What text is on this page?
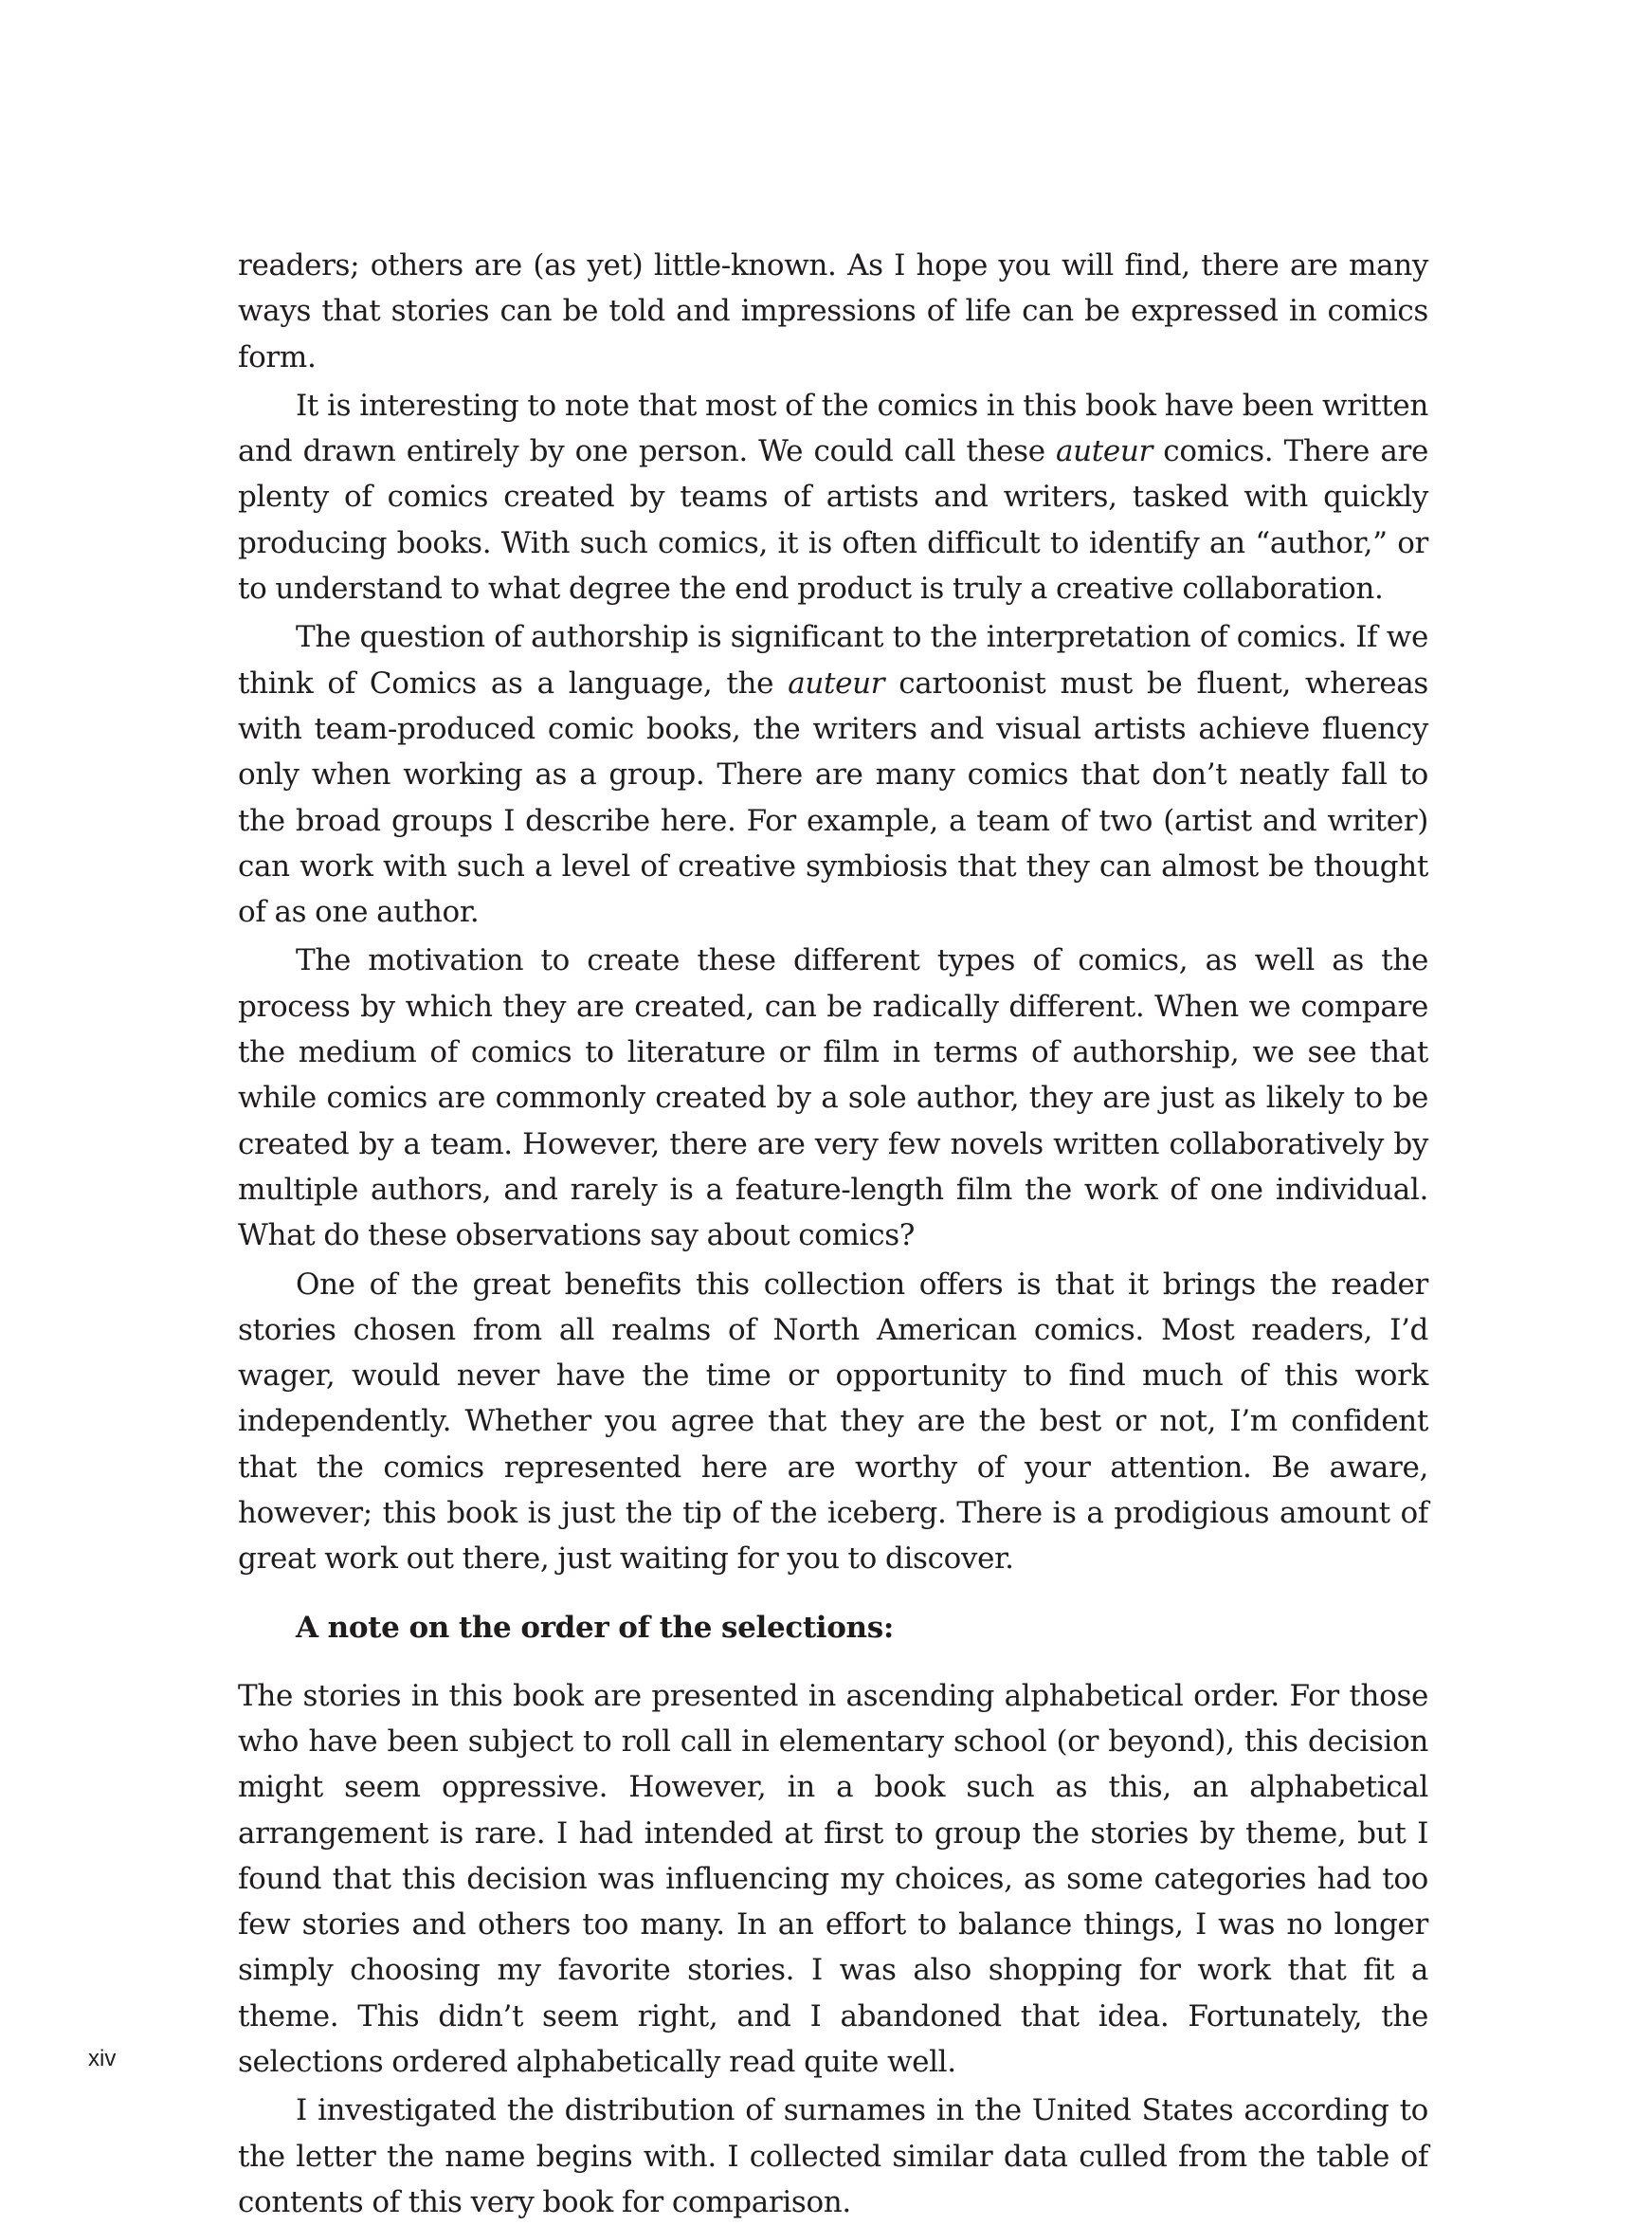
readers; others are (as yet) little-known. As I hope you will find, there are many ways that stories can be told and impressions of life can be expressed in comics form.

It is interesting to note that most of the comics in this book have been written and drawn entirely by one person. We could call these auteur comics. There are plenty of comics created by teams of artists and writers, tasked with quickly producing books. With such comics, it is often difficult to identify an “author,” or to understand to what degree the end product is truly a creative collaboration.

The question of authorship is significant to the interpretation of comics. If we think of Comics as a language, the auteur cartoonist must be fluent, whereas with team-produced comic books, the writers and visual artists achieve fluency only when working as a group. There are many comics that don’t neatly fall to the broad groups I describe here. For example, a team of two (artist and writer) can work with such a level of creative symbiosis that they can almost be thought of as one author.

The motivation to create these different types of comics, as well as the process by which they are created, can be radically different. When we compare the medium of comics to literature or film in terms of authorship, we see that while comics are commonly created by a sole author, they are just as likely to be created by a team. However, there are very few novels written collaboratively by multiple authors, and rarely is a feature-length film the work of one individual. What do these observations say about comics?

One of the great benefits this collection offers is that it brings the reader stories chosen from all realms of North American comics. Most readers, I’d wager, would never have the time or opportunity to find much of this work independently. Whether you agree that they are the best or not, I’m confident that the comics represented here are worthy of your attention. Be aware, however; this book is just the tip of the iceberg. There is a prodigious amount of great work out there, just waiting for you to discover.

A note on the order of the selections:

The stories in this book are presented in ascending alphabetical order. For those who have been subject to roll call in elementary school (or beyond), this decision might seem oppressive. However, in a book such as this, an alphabetical arrangement is rare. I had intended at first to group the stories by theme, but I found that this decision was influencing my choices, as some categories had too few stories and others too many. In an effort to balance things, I was no longer simply choosing my favorite stories. I was also shopping for work that fit a theme. This didn’t seem right, and I abandoned that idea. Fortunately, the selections ordered alphabetically read quite well.

I investigated the distribution of surnames in the United States according to the letter the name begins with. I collected similar data culled from the table of contents of this very book for comparison.

xiv
